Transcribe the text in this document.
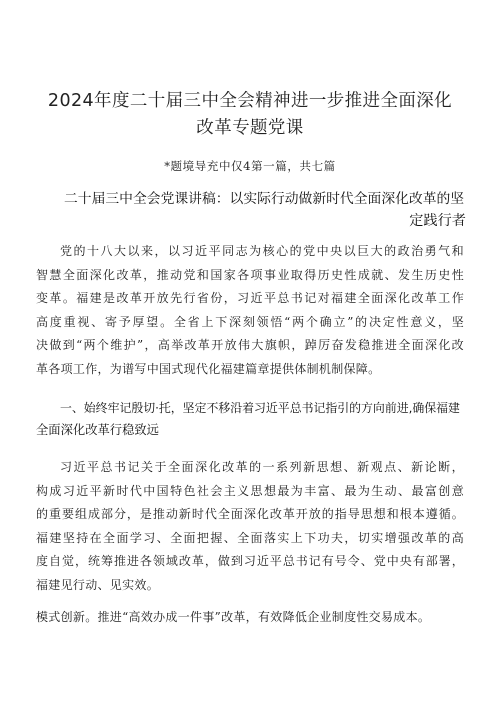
2024年度二十届三中全会精神进一步推进全面深化
改革专题党课
*题境导充中仅4第一篇，共七篇
二十届三中全会党课讲稿：以实际行动做新时代全面深化改革的坚
定践行者

党的十八大以来，以习近平同志为核心的党中央以巨大的政治勇气和
智慧全面深化改革，推动党和国家各项事业取得历史性成就、发生历史性
变革。福建是改革开放先行省份，习近平总书记对福建全面深化改革工作
高度重视、寄予厚望。全省上下深刻领悟“两个确立”的决定性意义，坚
决做到“两个维护”，高举改革开放伟大旗帜，踔厉奋发稳推进全面深化改
革各项工作，为谱写中国式现代化福建篇章提供体制机制保障。

一、始终牢记殷切·托，坚定不移沿着习近平总书记指引的方向前进,确保福建
全面深化改革行稳致远

习近平总书记关于全面深化改革的一系列新思想、新观点、新论断，
构成习近平新时代中国特色社会主义思想最为丰富、最为生动、最富创意
的重要组成部分，是推动新时代全面深化改革开放的指导思想和根本遵循。
福建坚持在全面学习、全面把握、全面落实上下功夫，切实增强改革的高
度自觉，统筹推进各领域改革，做到习近平总书记有号令、党中央有部署，
福建见行动、见实效。

模式创新。推进“高效办成一件事”改革，有效降低企业制度性交易成本。
